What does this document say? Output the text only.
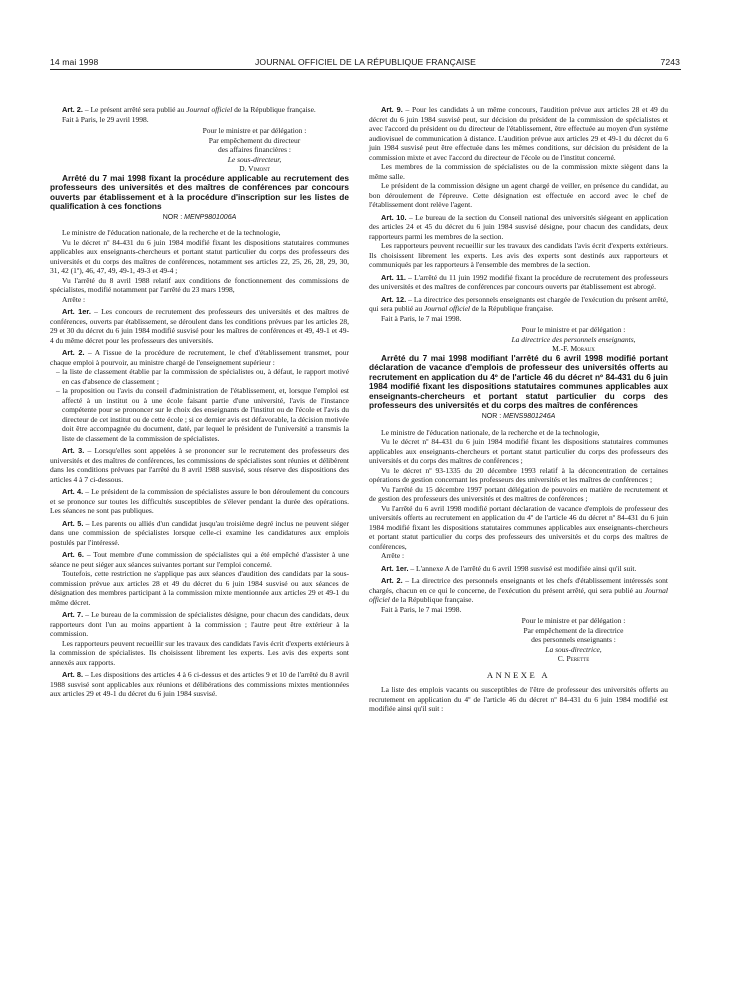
14 mai 1998	JOURNAL OFFICIEL DE LA RÉPUBLIQUE FRANÇAISE	7243

Art. 2. – Le présent arrêté sera publié au Journal officiel de la République française.

Fait à Paris, le 29 avril 1998.

Pour le ministre et par délégation :
Par empêchement du directeur
des affaires financières :
Le sous-directeur,
D. Vimont

Arrêté du 7 mai 1998 fixant la procédure applicable au recrutement des professeurs des universités et des maîtres de conférences par concours ouverts par établissement et à la procédure d'inscription sur les listes de qualification à ces fonctions

NOR : MENP9801006A

Le ministre de l'éducation nationale, de la recherche et de la technologie,

Vu le décret nº 84-431 du 6 juin 1984 modifié fixant les dispositions statutaires communes applicables aux enseignants-chercheurs et portant statut particulier du corps des professeurs des universités et du corps des maîtres de conférences, notamment ses articles 22, 25, 26, 28, 29, 30, 31, 42 (1º), 46, 47, 49, 49-1, 49-3 et 49-4 ;

Vu l'arrêté du 8 avril 1988 relatif aux conditions de fonctionnement des commissions de spécialistes, modifié notamment par l'arrêté du 23 mars 1998,

Arrête :

Art. 1er. – Les concours de recrutement des professeurs des universités et des maîtres de conférences, ouverts par établissement, se déroulent dans les conditions prévues par les articles 28, 29 et 30 du décret du 6 juin 1984 modifié susvisé pour les maîtres de conférences et 49, 49-1 et 49-4 du même décret pour les professeurs des universités.

Art. 2. – A l'issue de la procédure de recrutement, le chef d'établissement transmet, pour chaque emploi à pourvoir, au ministre chargé de l'enseignement supérieur :

– la liste de classement établie par la commission de spécialistes ou, à défaut, le rapport motivé en cas d'absence de classement ;

– la proposition ou l'avis du conseil d'administration de l'établissement, et, lorsque l'emploi est affecté à un institut ou à une école faisant partie d'une université, l'avis de l'instance compétente pour se prononcer sur le choix des enseignants de l'institut ou de l'école et l'avis du directeur de cet institut ou de cette école ; si ce dernier avis est défavorable, la décision motivée doit être accompagnée du document, daté, par lequel le président de l'université a transmis la liste de classement de la commission de spécialistes.

Art. 3. – Lorsqu'elles sont appelées à se prononcer sur le recrutement des professeurs des universités et des maîtres de conférences, les commissions de spécialistes sont réunies et délibèrent dans les conditions prévues par l'arrêté du 8 avril 1988 susvisé, sous réserve des dispositions des articles 4 à 7 ci-dessous.

Art. 4. – Le président de la commission de spécialistes assure le bon déroulement du concours et se prononce sur toutes les difficultés susceptibles de s'élever pendant la durée des opérations. Les séances ne sont pas publiques.

Art. 5. – Les parents ou alliés d'un candidat jusqu'au troisième degré inclus ne peuvent siéger dans une commission de spécialistes lorsque celle-ci examine les candidatures aux emplois postulés par l'intéressé.

Art. 6. – Tout membre d'une commission de spécialistes qui a été empêché d'assister à une séance ne peut siéger aux séances suivantes portant sur l'emploi concerné.

Toutefois, cette restriction ne s'applique pas aux séances d'audition des candidats par la sous-commission prévue aux articles 28 et 49 du décret du 6 juin 1984 susvisé ou aux séances de désignation des membres participant à la commission mixte mentionnée aux articles 29 et 49-1 du même décret.

Art. 7. – Le bureau de la commission de spécialistes désigne, pour chacun des candidats, deux rapporteurs dont l'un au moins appartient à la commission ; l'autre peut être extérieur à la commission.

Les rapporteurs peuvent recueillir sur les travaux des candidats l'avis écrit d'experts extérieurs à la commission de spécialistes. Ils choisissent librement les experts. Les avis des experts sont annexés aux rapports.

Art. 8. – Les dispositions des articles 4 à 6 ci-dessus et des articles 9 et 10 de l'arrêté du 8 avril 1988 susvisé sont applicables aux réunions et délibérations des commissions mixtes mentionnées aux articles 29 et 49-1 du décret du 6 juin 1984 susvisé.

Art. 9. – Pour les candidats à un même concours, l'audition prévue aux articles 28 et 49 du décret du 6 juin 1984 susvisé peut, sur décision du président de la commission de spécialistes et avec l'accord du président ou du directeur de l'établissement, être effectuée au moyen d'un système audiovisuel de communication à distance. L'audition prévue aux articles 29 et 49-1 du décret du 6 juin 1984 susvisé peut être effectuée dans les mêmes conditions, sur décision du président de la commission mixte et avec l'accord du directeur de l'école ou de l'institut concerné.

Les membres de la commission de spécialistes ou de la commission mixte siègent dans la même salle.

Le président de la commission désigne un agent chargé de veiller, en présence du candidat, au bon déroulement de l'épreuve. Cette désignation est effectuée en accord avec le chef de l'établissement dont relève l'agent.

Art. 10. – Le bureau de la section du Conseil national des universités siégeant en application des articles 24 et 45 du décret du 6 juin 1984 susvisé désigne, pour chacun des candidats, deux rapporteurs parmi les membres de la section.

Les rapporteurs peuvent recueillir sur les travaux des candidats l'avis écrit d'experts extérieurs. Ils choisissent librement les experts. Les avis des experts sont destinés aux rapporteurs et communiqués par les rapporteurs à l'ensemble des membres de la section.

Art. 11. – L'arrêté du 11 juin 1992 modifié fixant la procédure de recrutement des professeurs des universités et des maîtres de conférences par concours ouverts par établissement est abrogé.

Art. 12. – La directrice des personnels enseignants est chargée de l'exécution du présent arrêté, qui sera publié au Journal officiel de la République française.

Fait à Paris, le 7 mai 1998.

Pour le ministre et par délégation :
La directrice des personnels enseignants,
M.-F. Moraux

Arrêté du 7 mai 1998 modifiant l'arrêté du 6 avril 1998 modifié portant déclaration de vacance d'emplois de professeur des universités offerts au recrutement en application du 4º de l'article 46 du décret nº 84-431 du 6 juin 1984 modifié fixant les dispositions statutaires communes applicables aux enseignants-chercheurs et portant statut particulier du corps des professeurs des universités et du corps des maîtres de conférences

NOR : MENS9801246A

Le ministre de l'éducation nationale, de la recherche et de la technologie,

Vu le décret nº 84-431 du 6 juin 1984 modifié fixant les dispositions statutaires communes applicables aux enseignants-chercheurs et portant statut particulier du corps des professeurs des universités et du corps des maîtres de conférences ;

Vu le décret nº 93-1335 du 20 décembre 1993 relatif à la déconcentration de certaines opérations de gestion concernant les professeurs des universités et les maîtres de conférences ;

Vu l'arrêté du 15 décembre 1997 portant délégation de pouvoirs en matière de recrutement et de gestion des professeurs des universités et des maîtres de conférences ;

Vu l'arrêté du 6 avril 1998 modifié portant déclaration de vacance d'emplois de professeur des universités offerts au recrutement en application du 4º de l'article 46 du décret nº 84-431 du 6 juin 1984 modifié fixant les dispositions statutaires communes applicables aux enseignants-chercheurs et portant statut particulier du corps des professeurs des universités et du corps des maîtres de conférences,

Arrête :

Art. 1er. – L'annexe A de l'arrêté du 6 avril 1998 susvisé est modifiée ainsi qu'il suit.

Art. 2. – La directrice des personnels enseignants et les chefs d'établissement intéressés sont chargés, chacun en ce qui le concerne, de l'exécution du présent arrêté, qui sera publié au Journal officiel de la République française.

Fait à Paris, le 7 mai 1998.

Pour le ministre et par délégation :
Par empêchement de la directrice
des personnels enseignants :
La sous-directrice,
C. Perette
ANNEXE A

La liste des emplois vacants ou susceptibles de l'être de professeur des universités offerts au recrutement en application du 4º de l'article 46 du décret nº 84-431 du 6 juin 1984 modifié est modifiée ainsi qu'il suit :
